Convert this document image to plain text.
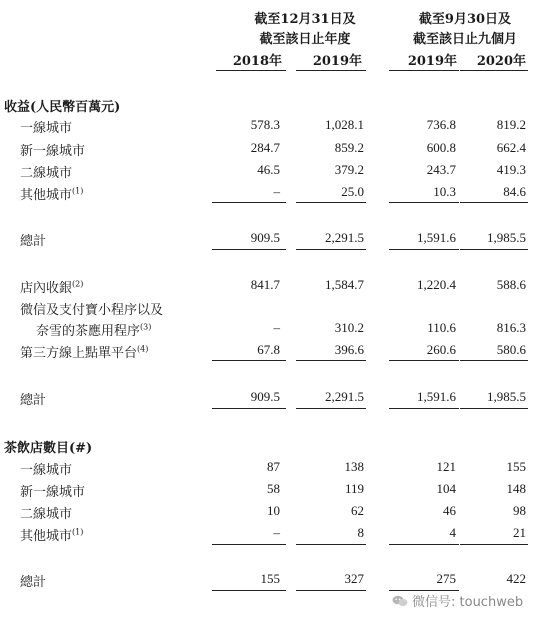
截至12月31日及
截至該日止年度
截至9月30日及
截至該日止九個月
2018年	2019年	2019年	2020年
收益(人民幣百萬元)
一線城市	578.3	1,028.1	736.8	819.2
新一線城市	284.7	859.2	600.8	662.4
二線城市	46.5	379.2	243.7	419.3
其他城市$^{(1)}$	–	25.0	10.3	84.6
總計	909.5	2,291.5	1,591.6	1,985.5
店內收銀$^{(2)}$	841.7	1,584.7	1,220.4	588.6
微信及支付寶小程序以及
奈雪的茶應用程序$^{(3)}$	–	310.2	110.6	816.3
第三方線上點單平台$^{(4)}$	67.8	396.6	260.6	580.6
總計	909.5	2,291.5	1,591.6	1,985.5
茶飲店數目(#)
一線城市	87	138	121	155
新一線城市	58	119	104	148
二線城市	10	62	46	98
其他城市$^{(1)}$	–	8	4	21
總計	155	327	275	422
微信号: touchweb
